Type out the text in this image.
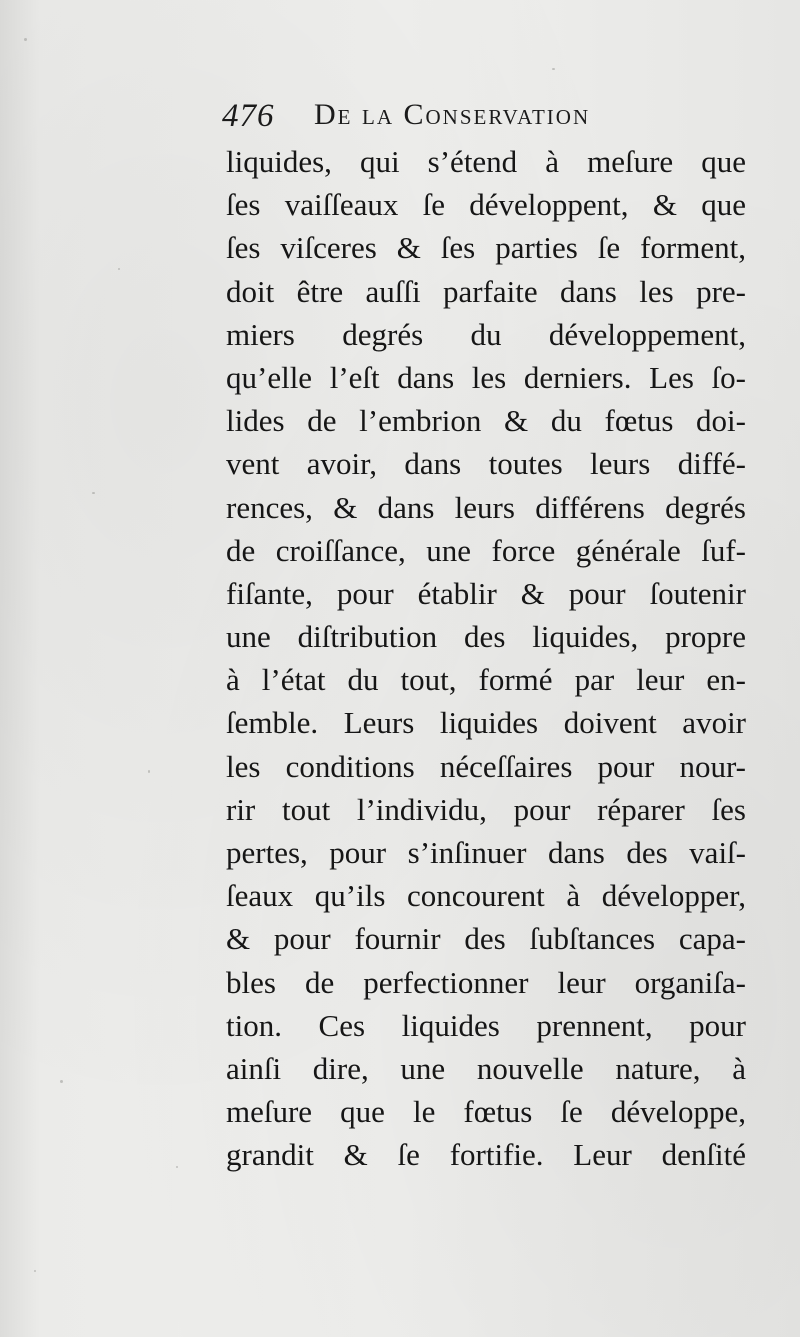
476 De la Conservation
liquides, qui s’étend à meſure que
ſes vaiſſeaux ſe développent, & que
ſes viſceres & ſes parties ſe forment,
doit être auſſi parfaite dans les pre-
miers degrés du développement,
qu’elle l’eſt dans les derniers. Les ſo-
lides de l’embrion & du fœtus doi-
vent avoir, dans toutes leurs diffé-
rences, & dans leurs différens degrés
de croiſſance, une force générale ſuf-
fiſante, pour établir & pour ſoutenir
une diſtribution des liquides, propre
à l’état du tout, formé par leur en-
ſemble. Leurs liquides doivent avoir
les conditions néceſſaires pour nour-
rir tout l’individu, pour réparer ſes
pertes, pour s’inſinuer dans des vaiſ-
ſeaux qu’ils concourent à développer,
& pour fournir des ſubſtances capa-
bles de perfectionner leur organiſa-
tion. Ces liquides prennent, pour
ainſi dire, une nouvelle nature, à
meſure que le fœtus ſe développe,
grandit & ſe fortifie. Leur denſité
